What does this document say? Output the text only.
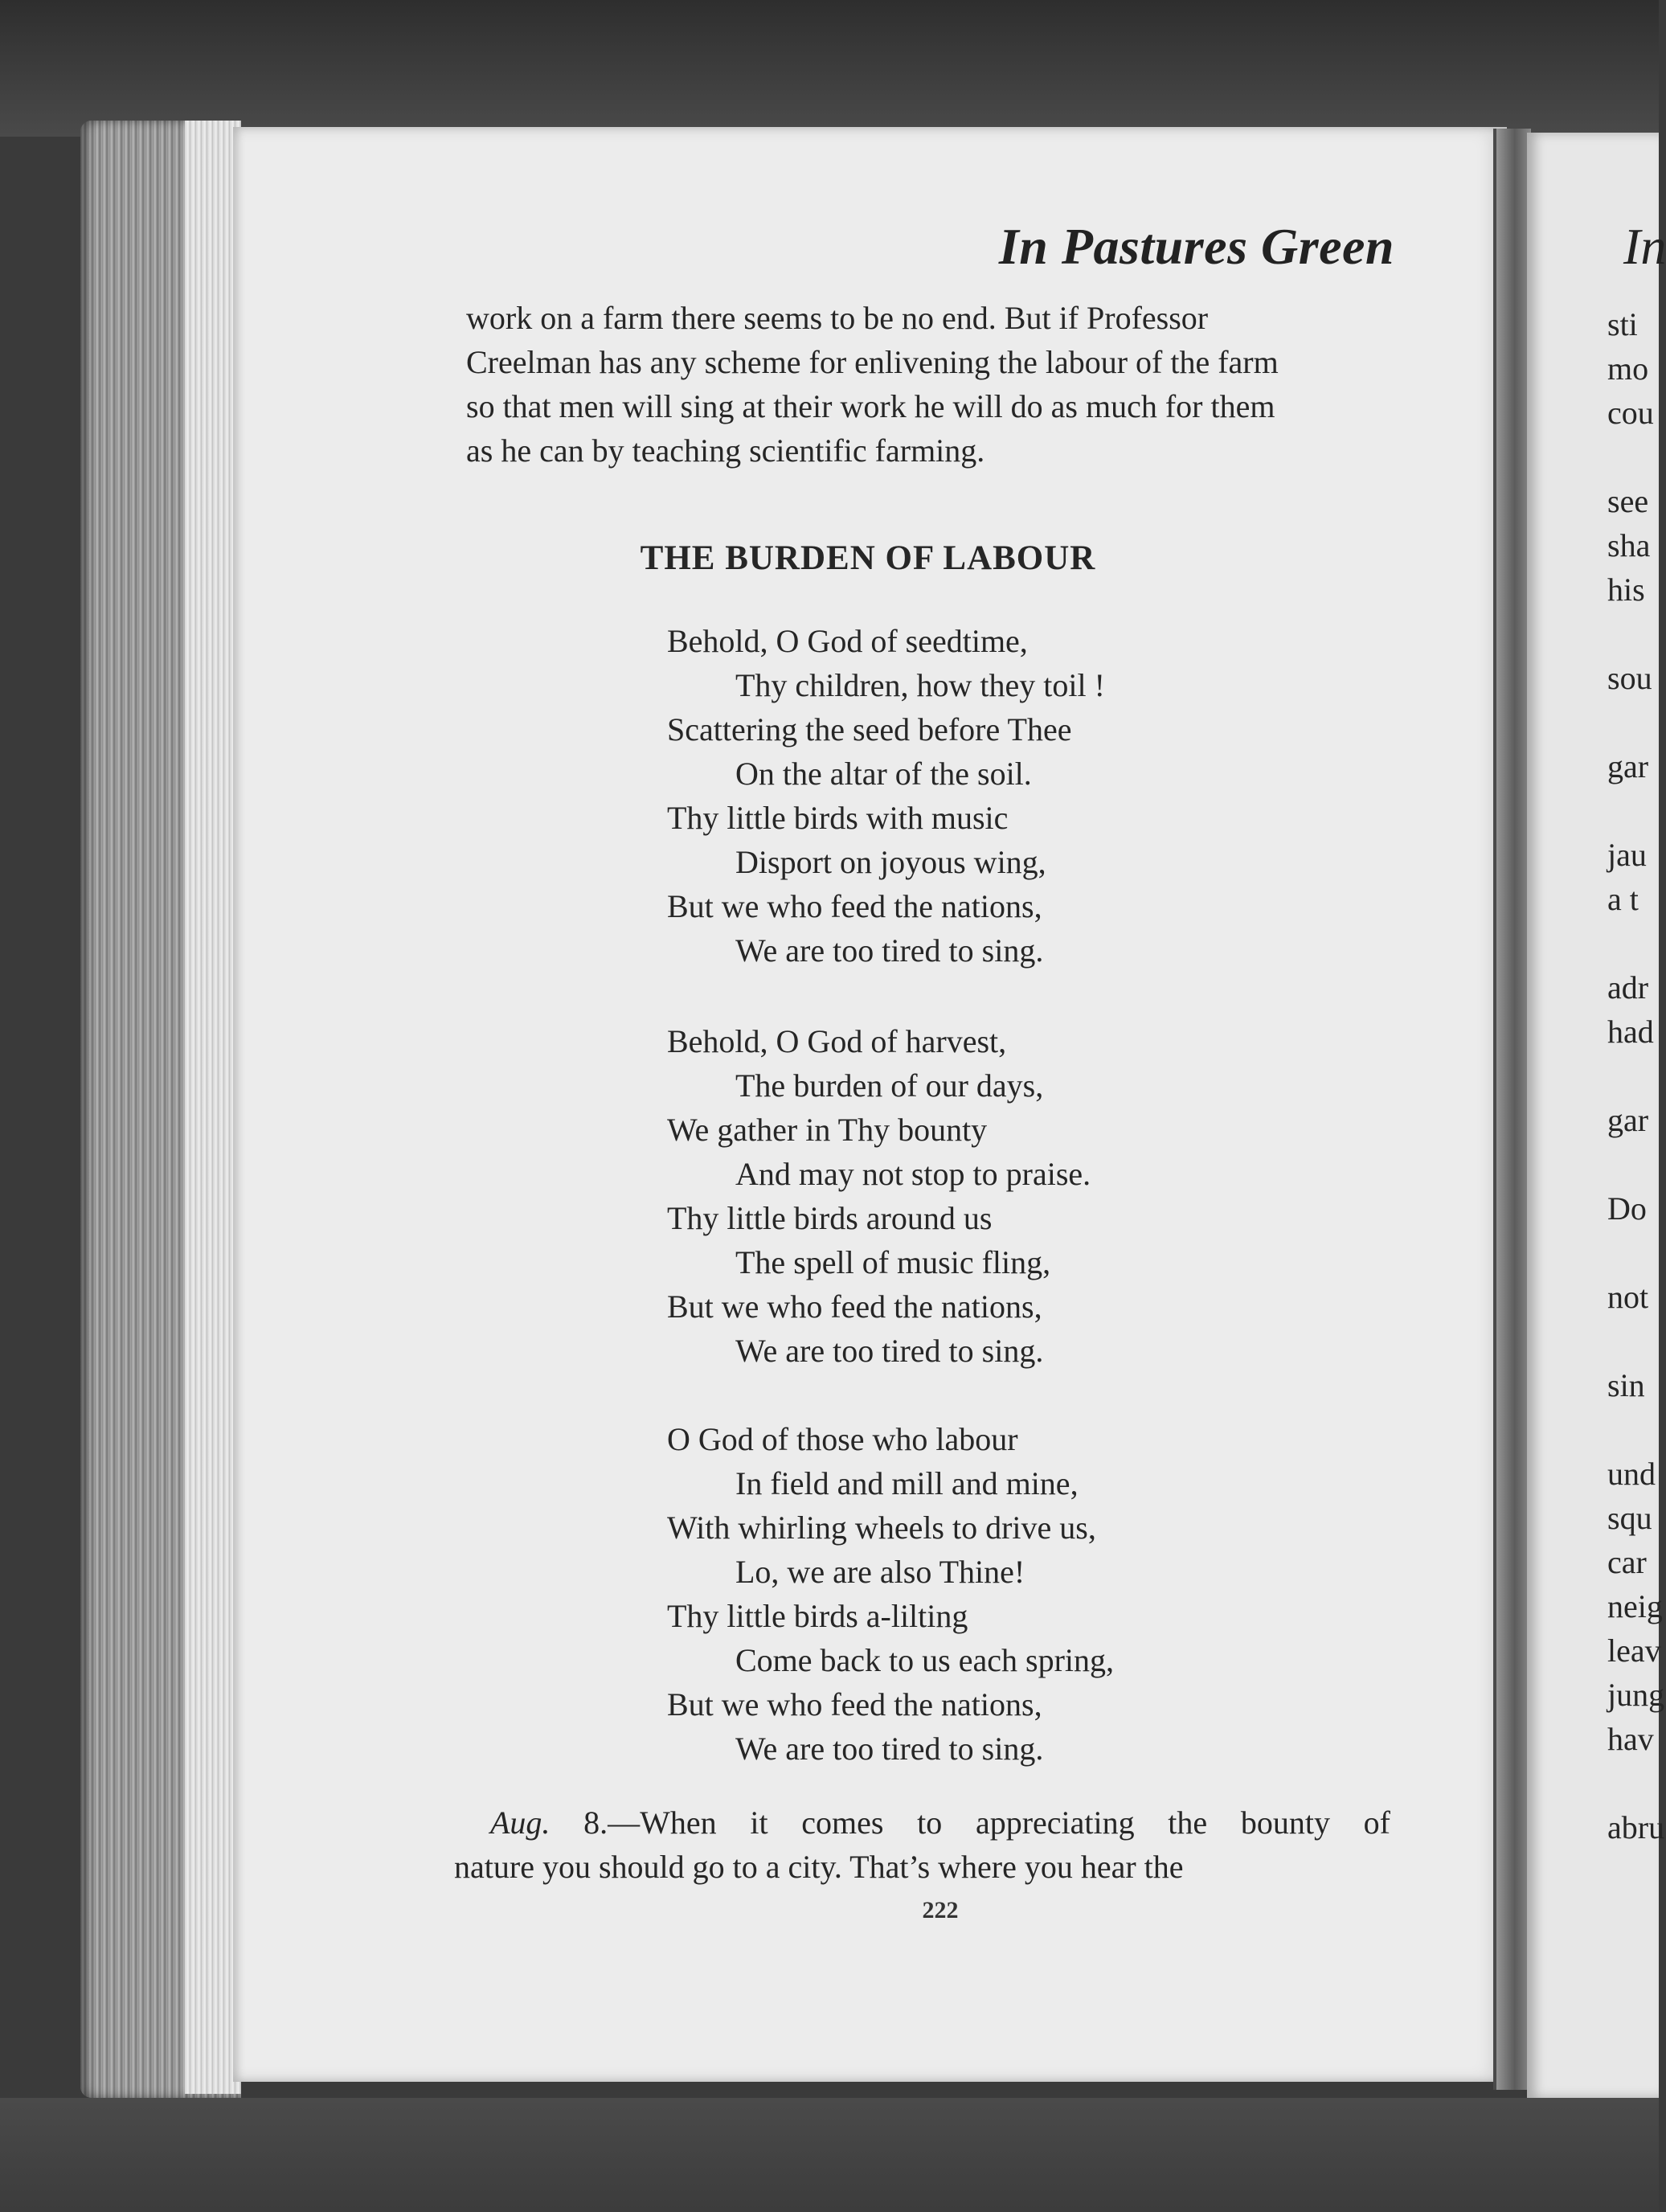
In Pastures Green
work on a farm there seems to be no end. But if Professor
Creelman has any scheme for enlivening the labour of the farm
so that men will sing at their work he will do as much for them
as he can by teaching scientific farming.
THE BURDEN OF LABOUR
Behold, O God of seedtime,
Thy children, how they toil !
Scattering the seed before Thee
On the altar of the soil.
Thy little birds with music
Disport on joyous wing,
But we who feed the nations,
We are too tired to sing.
Behold, O God of harvest,
The burden of our days,
We gather in Thy bounty
And may not stop to praise.
Thy little birds around us
The spell of music fling,
But we who feed the nations,
We are too tired to sing.
O God of those who labour
In field and mill and mine,
With whirling wheels to drive us,
Lo, we are also Thine!
Thy little birds a-lilting
Come back to us each spring,
But we who feed the nations,
We are too tired to sing.
Aug. 8.—When it comes to appreciating the bounty of
nature you should go to a city. That’s where you hear the
222
In
sti
mo
cou
see
sha
his
sou
gar
jau
a t
adr
had
gar
Do
not
sin
und
squ
car
neig
leav
jung
hav
abru
